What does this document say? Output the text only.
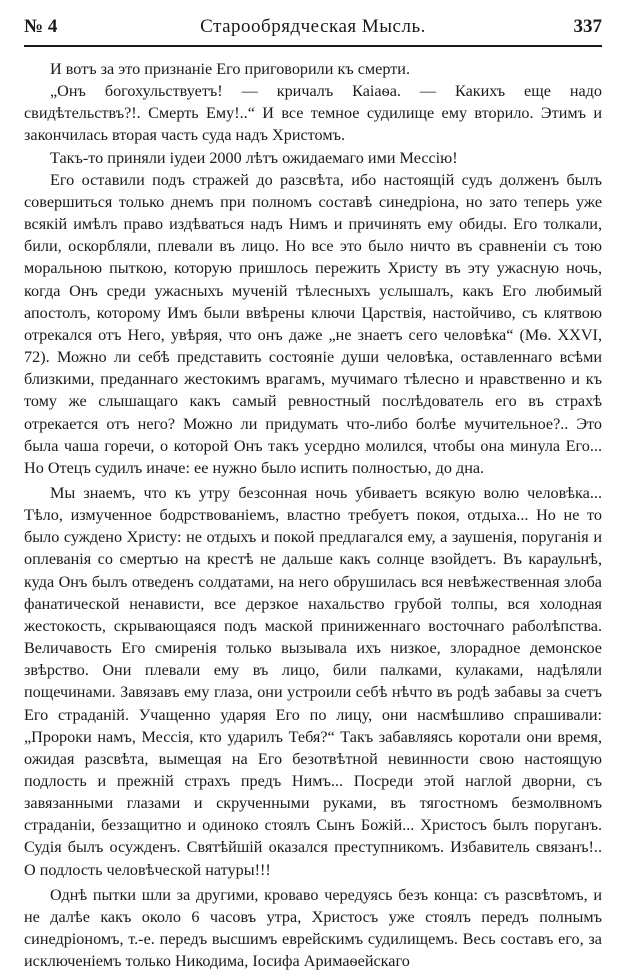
№ 4	Старообрядческая Мысль.	337

И вотъ за это признаніе Его приговорили къ смерти.

„Онъ богохульствуетъ! — кричалъ Каіаѳа. — Какихъ еще надо свидѣтельствъ?!. Смерть Ему!..“ И все темное судилище ему вторило. Этимъ и закончилась вторая часть суда надъ Христомъ.

Такъ-то приняли іудеи 2000 лѣтъ ожидаемаго ими Мессію!

Его оставили подъ стражей до разсвѣта, ибо настоящій судъ долженъ былъ совершиться только днемъ при полномъ составѣ синедріона, но зато теперь уже всякій имѣлъ право издѣваться надъ Нимъ и причинять ему обиды. Его толкали, били, оскорбляли, плевали въ лицо. Но все это было ничто въ сравненіи съ тою моральною пыткою, которую пришлось пережить Христу въ эту ужасную ночь, когда Онъ среди ужасныхъ мученій тѣлесныхъ услышалъ, какъ Его любимый апостолъ, которому Имъ были ввѣрены ключи Царствія, настойчиво, съ клятвою отрекался отъ Него, увѣряя, что онъ даже „не знаетъ сего человѣка“ (Мѳ. XXVI, 72). Можно ли себѣ представить состояніе души человѣка, оставленнаго всѣми близкими, преданнаго жестокимъ врагамъ, мучимаго тѣлесно и нравственно и къ тому же слышащаго какъ самый ревностный послѣдователь его въ страхѣ отрекается отъ него? Можно ли придумать что-либо болѣе мучительное?.. Это была чаша горечи, о которой Онъ такъ усердно молился, чтобы она минула Его... Но Отецъ судилъ иначе: ее нужно было испить полностью, до дна.

Мы знаемъ, что къ утру безсонная ночь убиваетъ всякую волю человѣка... Тѣло, измученное бодрствованіемъ, властно требуетъ покоя, отдыха... Но не то было суждено Христу: не отдыхъ и покой предлагался ему, а заушенія, поруганія и оплеванія со смертью на крестѣ не дальше какъ солнце взойдетъ. Въ караульнѣ, куда Онъ былъ отведенъ солдатами, на него обрушилась вся невѣжественная злоба фанатической ненависти, все дерзкое нахальство грубой толпы, вся холодная жестокость, скрывающаяся подъ маской приниженнаго восточнаго раболѣпства. Величавость Его смиренія только вызывала ихъ низкое, злорадное демонское звѣрство. Они плевали ему въ лицо, били палками, кулаками, надѣляли пощечинами. Завязавъ ему глаза, они устроили себѣ нѣчто въ родѣ забавы за счетъ Его страданій. Учащенно ударяя Его по лицу, они насмѣшливо спрашивали: „Пророки намъ, Мессія, кто ударилъ Тебя?“ Такъ забавляясь коротали они время, ожидая разсвѣта, вымещая на Его безотвѣтной невинности свою настоящую подлость и прежній страхъ предъ Нимъ... Посреди этой наглой дворни, съ завязанными глазами и скрученными руками, въ тягостномъ безмолвномъ страданіи, беззащитно и одиноко стоялъ Сынъ Божій... Христосъ былъ поруганъ. Судія былъ осужденъ. Святѣйшій оказался преступникомъ. Избавитель связанъ!.. О подлость человѣческой натуры!!!

Однѣ пытки шли за другими, кроваво чередуясь безъ конца: съ разсвѣтомъ, и не далѣе какъ около 6 часовъ утра, Христосъ уже стоялъ передъ полнымъ синедріономъ, т.-е. передъ высшимъ еврейскимъ судилищемъ. Весь составъ его, за исключеніемъ только Никодима, Іосифа Аримаѳейскаго
